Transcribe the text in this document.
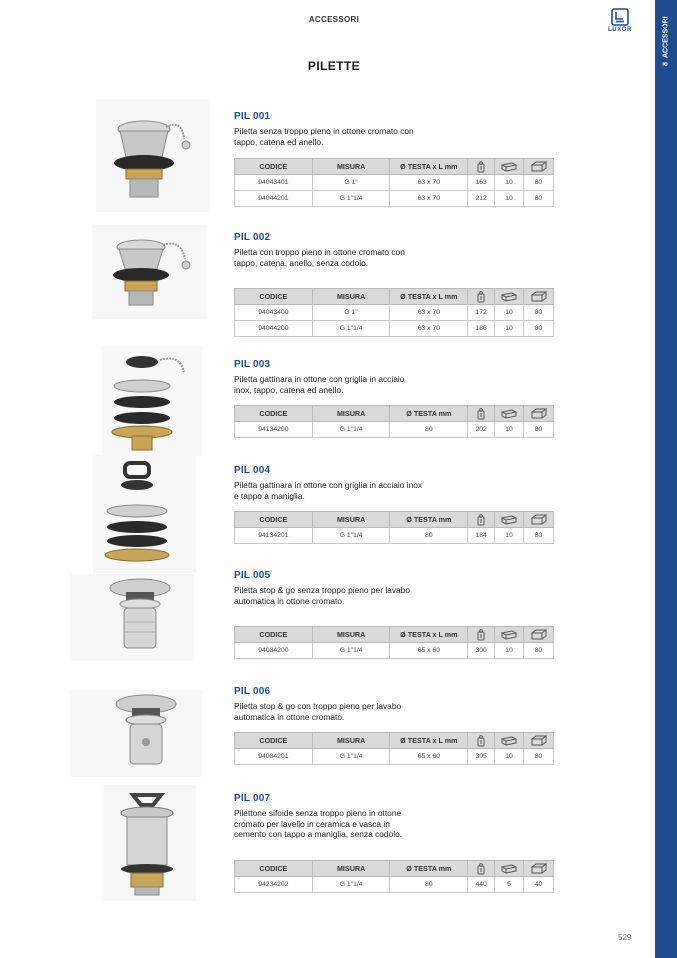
ACCESSORI
LUXOR
8
ACCESSORI
PILETTE
PIL 001
Piletta senza troppo pieno in ottone cromato con tappo, catena ed anello.
CODICE	MISURA	Ø TESTA x L mm			
94043401	G 1"	63 x 70	163	10	80
94044201	G 1"1/4	63 x 70	212	10	80
PIL 002
Piletta con troppo pieno in ottone cromato con tappo, catena, anello, senza codolo.
CODICE	MISURA	Ø TESTA x L mm			
94043400	G 1"	63 x 70	172	10	80
94044200	G 1"1/4	63 x 70	186	10	80
PIL 003
Piletta gattinara in ottone con griglia in acciaio inox, tappo, catena ed anello.
CODICE	MISURA	Ø TESTA mm			
94134200	G 1"1/4	80	202	10	80
PIL 004
Piletta gattinara in ottone con griglia in acciaio inox e tappo a maniglia.
CODICE	MISURA	Ø TESTA mm			
94134201	G 1"1/4	80	184	10	80
PIL 005
Piletta stop & go senza troppo pieno per lavabo automatica in ottone cromato.
CODICE	MISURA	Ø TESTA x L mm			
94084200	G 1"1/4	65 x 60	300	10	80
PIL 006
Piletta stop & go con troppo pieno per lavabo automatica in ottone cromato.
CODICE	MISURA	Ø TESTA x L mm			
94084201	G 1"1/4	65 x 60	305	10	80
PIL 007
Pilettone sifoide senza troppo pieno in ottone cromato per lavello in ceramica e vasca in cemento con tappo a maniglia, senza codolo.
CODICE	MISURA	Ø TESTA mm			
94234202	G 1"1/4	80	440	5	40
529
